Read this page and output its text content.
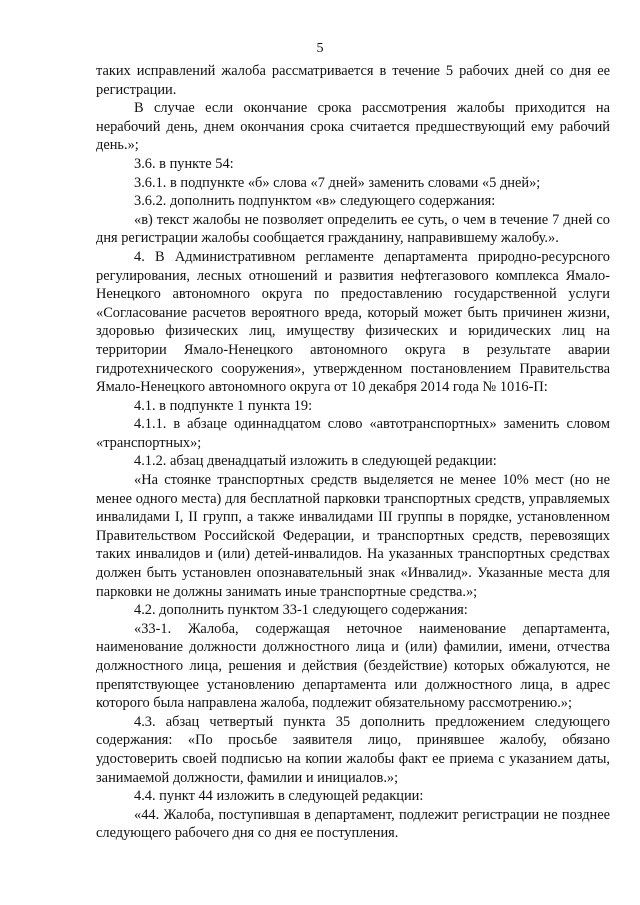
5

таких исправлений жалоба рассматривается в течение 5 рабочих дней со дня ее регистрации.

В случае если окончание срока рассмотрения жалобы приходится на нерабочий день, днем окончания срока считается предшествующий ему рабочий день.»;

3.6. в пункте 54:

3.6.1. в подпункте «б» слова «7 дней» заменить словами «5 дней»;

3.6.2. дополнить подпунктом «в» следующего содержания:

«в) текст жалобы не позволяет определить ее суть, о чем в течение 7 дней со дня регистрации жалобы сообщается гражданину, направившему жалобу.».

4. В Административном регламенте департамента природно-ресурсного регулирования, лесных отношений и развития нефтегазового комплекса Ямало-Ненецкого автономного округа по предоставлению государственной услуги «Согласование расчетов вероятного вреда, который может быть причинен жизни, здоровью физических лиц, имуществу физических и юридических лиц на территории Ямало-Ненецкого автономного округа в результате аварии гидротехнического сооружения», утвержденном постановлением Правительства Ямало-Ненецкого автономного округа от 10 декабря 2014 года № 1016-П:

4.1. в подпункте 1 пункта 19:

4.1.1. в абзаце одиннадцатом слово «автотранспортных» заменить словом «транспортных»;

4.1.2. абзац двенадцатый изложить в следующей редакции:

«На стоянке транспортных средств выделяется не менее 10% мест (но не менее одного места) для бесплатной парковки транспортных средств, управляемых инвалидами I, II групп, а также инвалидами III группы в порядке, установленном Правительством Российской Федерации, и транспортных средств, перевозящих таких инвалидов и (или) детей-инвалидов. На указанных транспортных средствах должен быть установлен опознавательный знак «Инвалид». Указанные места для парковки не должны занимать иные транспортные средства.»;

4.2. дополнить пунктом 33-1 следующего содержания:

«33-1. Жалоба, содержащая неточное наименование департамента, наименование должности должностного лица и (или) фамилии, имени, отчества должностного лица, решения и действия (бездействие) которых обжалуются, не препятствующее установлению департамента или должностного лица, в адрес которого была направлена жалоба, подлежит обязательному рассмотрению.»;

4.3. абзац четвертый пункта 35 дополнить предложением следующего содержания: «По просьбе заявителя лицо, принявшее жалобу, обязано удостоверить своей подписью на копии жалобы факт ее приема с указанием даты, занимаемой должности, фамилии и инициалов.»;

4.4. пункт 44 изложить в следующей редакции:

«44. Жалоба, поступившая в департамент, подлежит регистрации не позднее следующего рабочего дня со дня ее поступления.
